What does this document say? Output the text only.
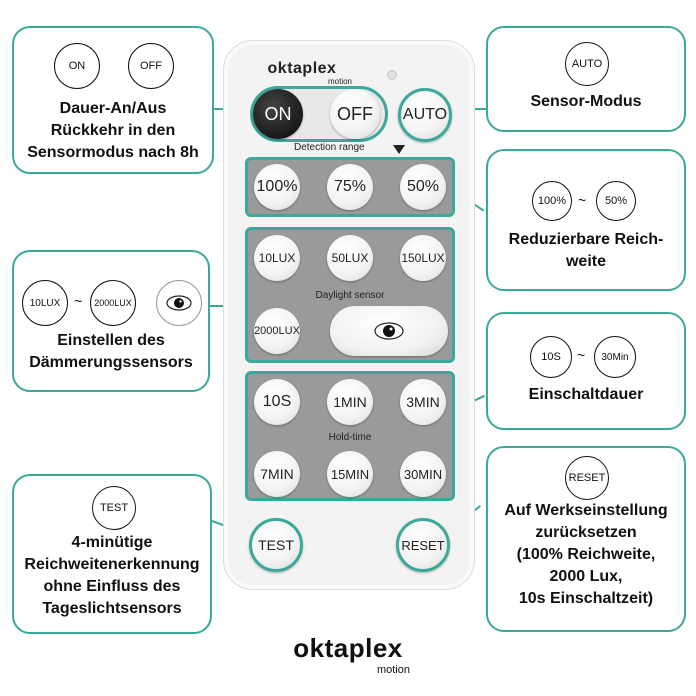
ON	OFF
Dauer-An/Aus
Rückkehr in den
Sensormodus nach 8h
AUTO
Sensor-Modus
100% ~ 50%
Reduzierbare Reich-
weite
10LUX ~ 2000LUX
Einstellen des
Dämmerungssensors	10S ~ 30Min
Einschaltdauer
TEST
4-minütige
Reichweitenerkennung
ohne Einfluss des
Tageslichtsensors
RESET
Auf Werkseinstellung
zurücksetzen
(100% Reichweite,
2000 Lux,
10s Einschaltzeit)
oktaplex
motion
ON	OFF AUTO
Detection range
100% 75%	50%
10LUX	50LUX	150LUX
Daylight sensor
2000LUX
10S	1MIN	3MIN
Hold-time
7MIN	15MIN	30MIN
TEST	RESET
oktaplex
motion
